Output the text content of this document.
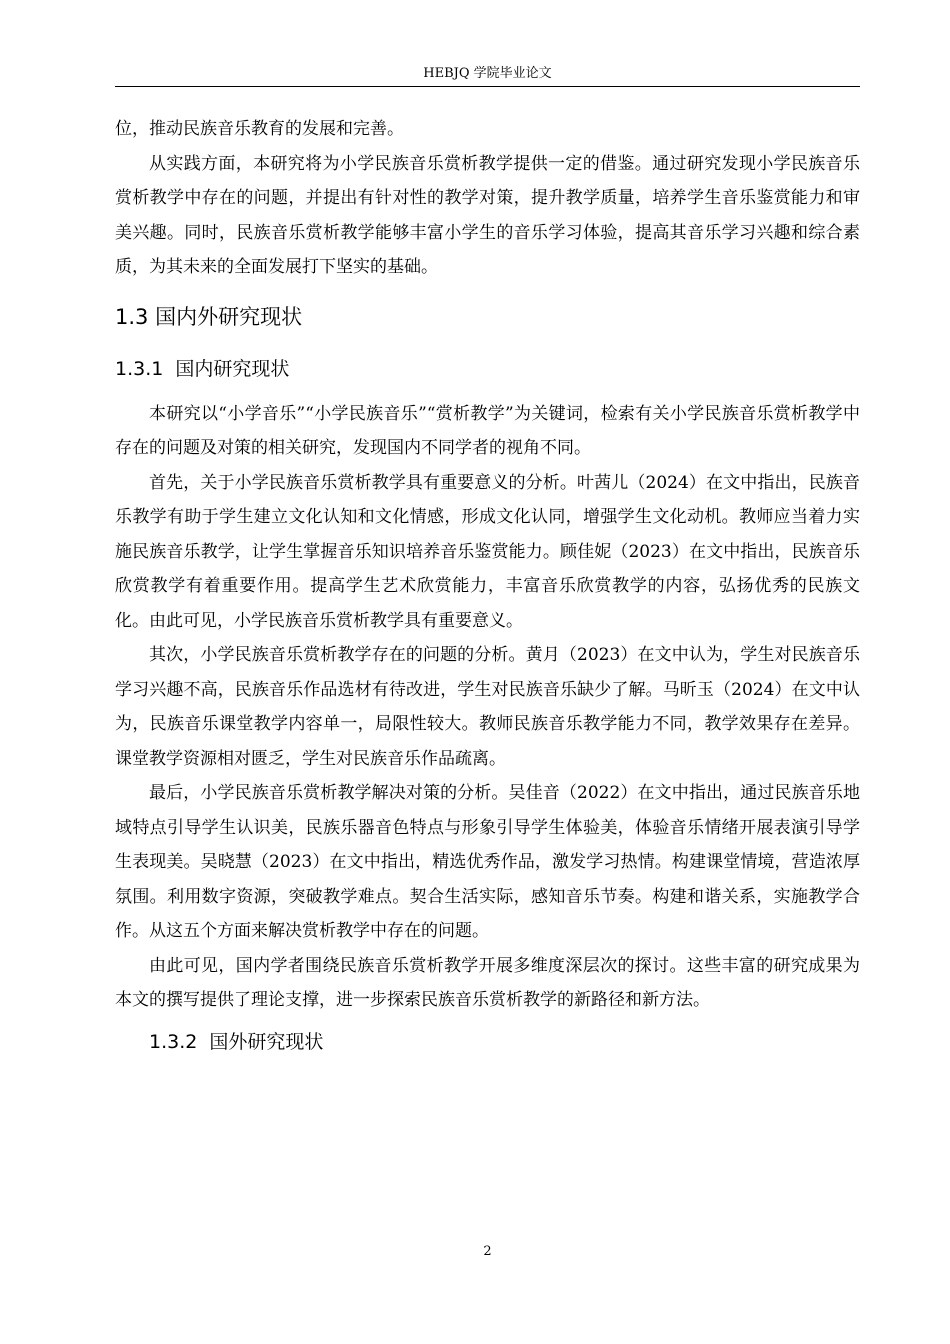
HEBJQ 学院毕业论文

位，推动民族音乐教育的发展和完善。

从实践方面，本研究将为小学民族音乐赏析教学提供一定的借鉴。通过研究发现小学民族音乐赏析教学中存在的问题，并提出有针对性的教学对策，提升教学质量，培养学生音乐鉴赏能力和审美兴趣。同时，民族音乐赏析教学能够丰富小学生的音乐学习体验，提高其音乐学习兴趣和综合素质，为其未来的全面发展打下坚实的基础。

1.3 国内外研究现状
1.3.1 国内研究现状

本研究以“小学音乐”“小学民族音乐”“赏析教学”为关键词，检索有关小学民族音乐赏析教学中存在的问题及对策的相关研究，发现国内不同学者的视角不同。

首先，关于小学民族音乐赏析教学具有重要意义的分析。叶茜儿（2024）在文中指出，民族音乐教学有助于学生建立文化认知和文化情感，形成文化认同，增强学生文化动机。教师应当着力实施民族音乐教学，让学生掌握音乐知识培养音乐鉴赏能力。顾佳妮（2023）在文中指出，民族音乐欣赏教学有着重要作用。提高学生艺术欣赏能力，丰富音乐欣赏教学的内容，弘扬优秀的民族文化。由此可见，小学民族音乐赏析教学具有重要意义。

其次，小学民族音乐赏析教学存在的问题的分析。黄月（2023）在文中认为，学生对民族音乐学习兴趣不高，民族音乐作品选材有待改进，学生对民族音乐缺少了解。马昕玉（2024）在文中认为，民族音乐课堂教学内容单一，局限性较大。教师民族音乐教学能力不同，教学效果存在差异。课堂教学资源相对匮乏，学生对民族音乐作品疏离。

最后，小学民族音乐赏析教学解决对策的分析。吴佳音（2022）在文中指出，通过民族音乐地域特点引导学生认识美，民族乐器音色特点与形象引导学生体验美，体验音乐情绪开展表演引导学生表现美。吴晓慧（2023）在文中指出，精选优秀作品，激发学习热情。构建课堂情境，营造浓厚氛围。利用数字资源，突破教学难点。契合生活实际，感知音乐节奏。构建和谐关系，实施教学合作。从这五个方面来解决赏析教学中存在的问题。

由此可见，国内学者围绕民族音乐赏析教学开展多维度深层次的探讨。这些丰富的研究成果为本文的撰写提供了理论支撑，进一步探索民族音乐赏析教学的新路径和新方法。

1.3.2 国外研究现状
2
